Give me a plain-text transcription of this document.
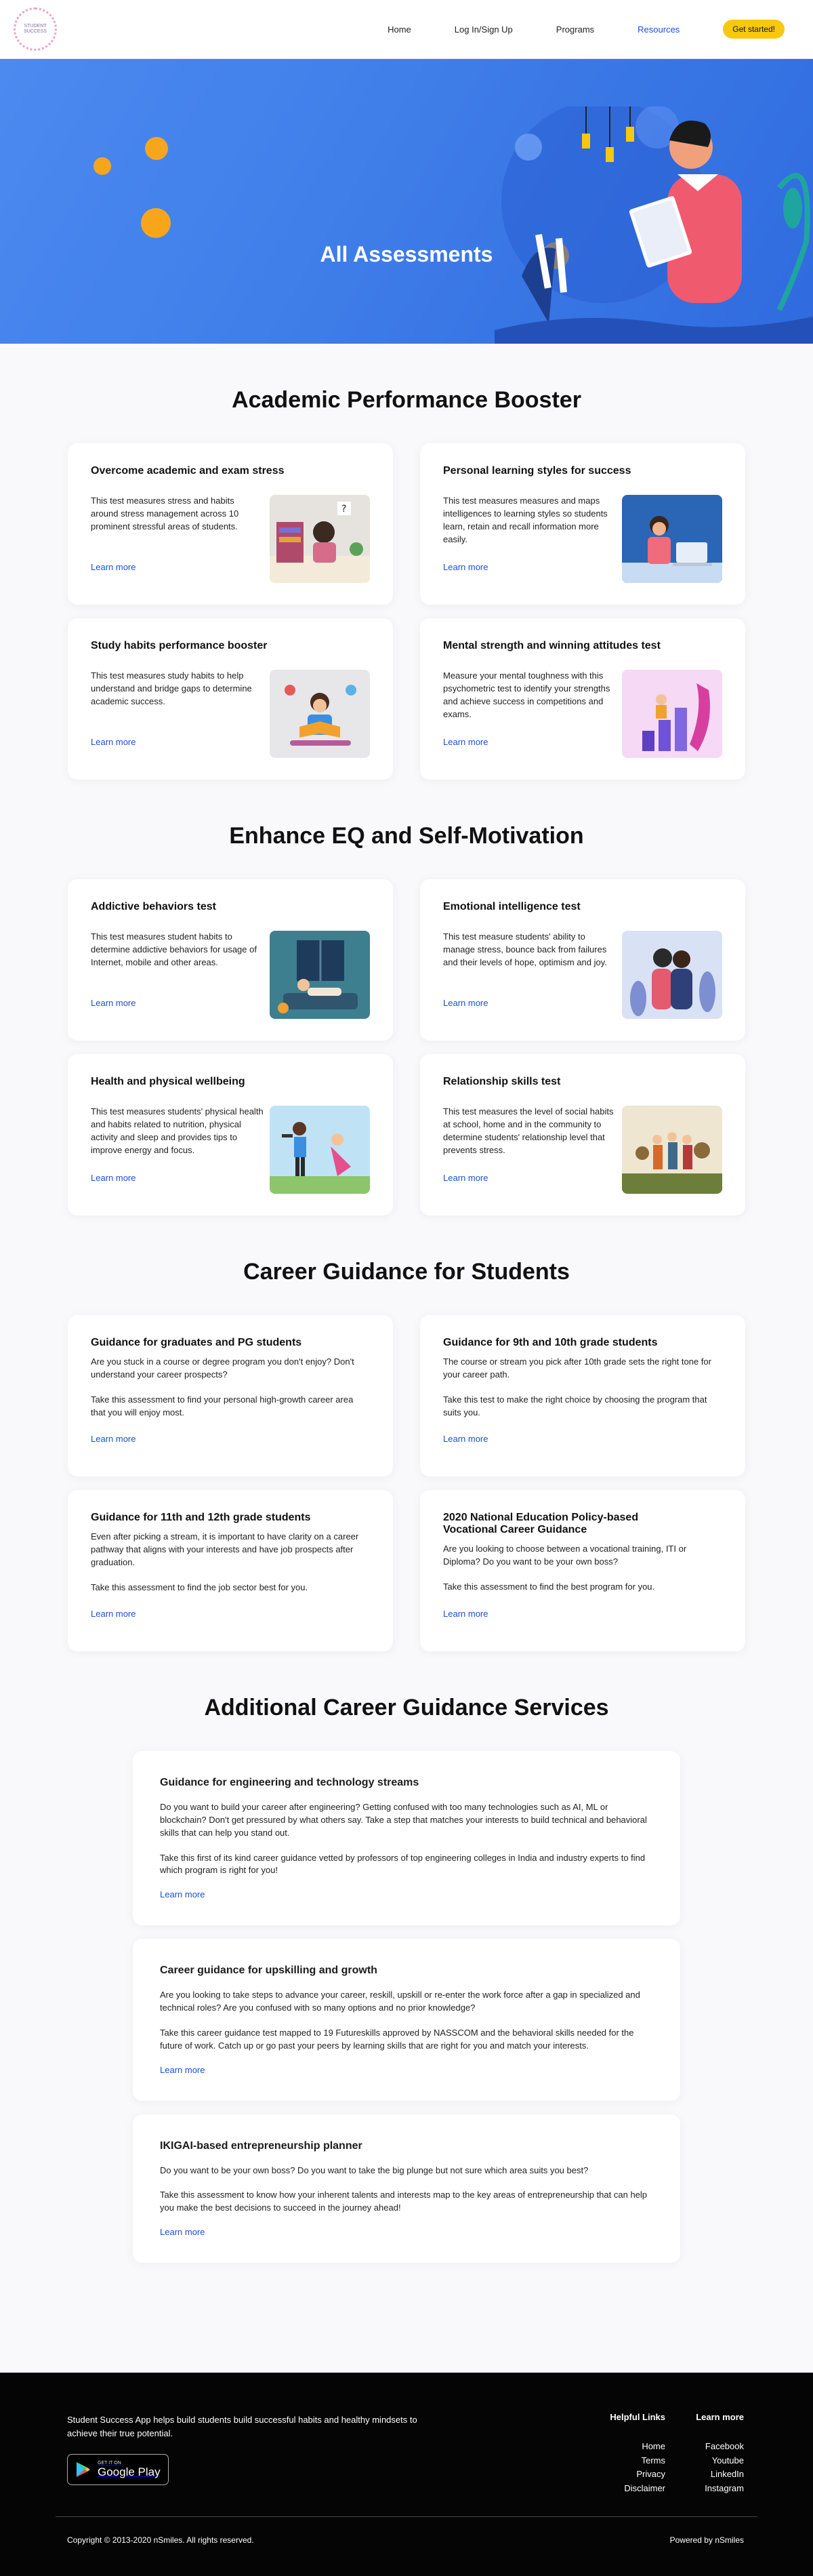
STUDENT
SUCCESS	Home	Log In/Sign Up	Programs	Resources	Get started!
All Assessments
Academic Performance Booster
Overcome academic and exam stress

This test measures stress and habits around stress management across 10 prominent stressful areas of students.

?
Learn more
Personal learning styles for success

This test measures measures and maps intelligences to learning styles so students learn, retain and recall information more easily.

Learn more
Study habits performance booster

This test measures study habits to help understand and bridge gaps to determine academic success.

Learn more
Mental strength and winning attitudes test

Measure your mental toughness with this psychometric test to identify your strengths and achieve success in competitions and exams.

Learn more
Enhance EQ and Self-Motivation
Addictive behaviors test

This test measures student habits to determine addictive behaviors for usage of Internet, mobile and other areas.

Learn more
Emotional intelligence test

This test measure students' ability to manage stress, bounce back from failures and their levels of hope, optimism and joy.

Learn more
Health and physical wellbeing

This test measures students' physical health and habits related to nutrition, physical activity and sleep and provides tips to improve energy and focus.

Learn more
Relationship skills test

This test measures the level of social habits at school, home and in the community to determine students' relationship level that prevents stress.

Learn more
Career Guidance for Students
Guidance for graduates and PG students

Are you stuck in a course or degree program you don't enjoy? Don't understand your career prospects?

Take this assessment to find your personal high-growth career area that you will enjoy most.

Learn more
Guidance for 9th and 10th grade students

The course or stream you pick after 10th grade sets the right tone for your career path.

Take this test to make the right choice by choosing the program that suits you.

Learn more
Guidance for 11th and 12th grade students

Even after picking a stream, it is important to have clarity on a career pathway that aligns with your interests and have job prospects after graduation.

Take this assessment to find the job sector best for you.

Learn more
2020 National Education Policy-based Vocational Career Guidance

Are you looking to choose between a vocational training, ITI or Diploma? Do you want to be your own boss?

Take this assessment to find the best program for you.

Learn more
Additional Career Guidance Services
Guidance for engineering and technology streams

Do you want to build your career after engineering? Getting confused with too many technologies such as AI, ML or blockchain? Don't get pressured by what others say. Take a step that matches your interests to build technical and behavioral skills that can help you stand out.

Take this first of its kind career guidance vetted by professors of top engineering colleges in India and industry experts to find which program is right for you!

Learn more
Career guidance for upskilling and growth

Are you looking to take steps to advance your career, reskill, upskill or re-enter the work force after a gap in specialized and technical roles? Are you confused with so many options and no prior knowledge?

Take this career guidance test mapped to 19 Futureskills approved by NASSCOM and the behavioral skills needed for the future of work. Catch up or go past your peers by learning skills that are right for you and match your interests.

Learn more
IKIGAI-based entrepreneurship planner

Do you want to be your own boss? Do you want to take the big plunge but not sure which area suits you best?

Take this assessment to know how your inherent talents and interests map to the key areas of entrepreneurship that can help you make the best decisions to succeed in the journey ahead!

Learn more

Student Success App helps build students build successful habits and healthy mindsets to achieve their true potential.

GET IT ON
Google Play
Helpful Links
Home
Terms
Privacy
Disclaimer
Learn more
Facebook
Youtube
LinkedIn
Instagram
Copyright © 2013-2020 nSmiles. All rights reserved.	Powered by nSmiles
